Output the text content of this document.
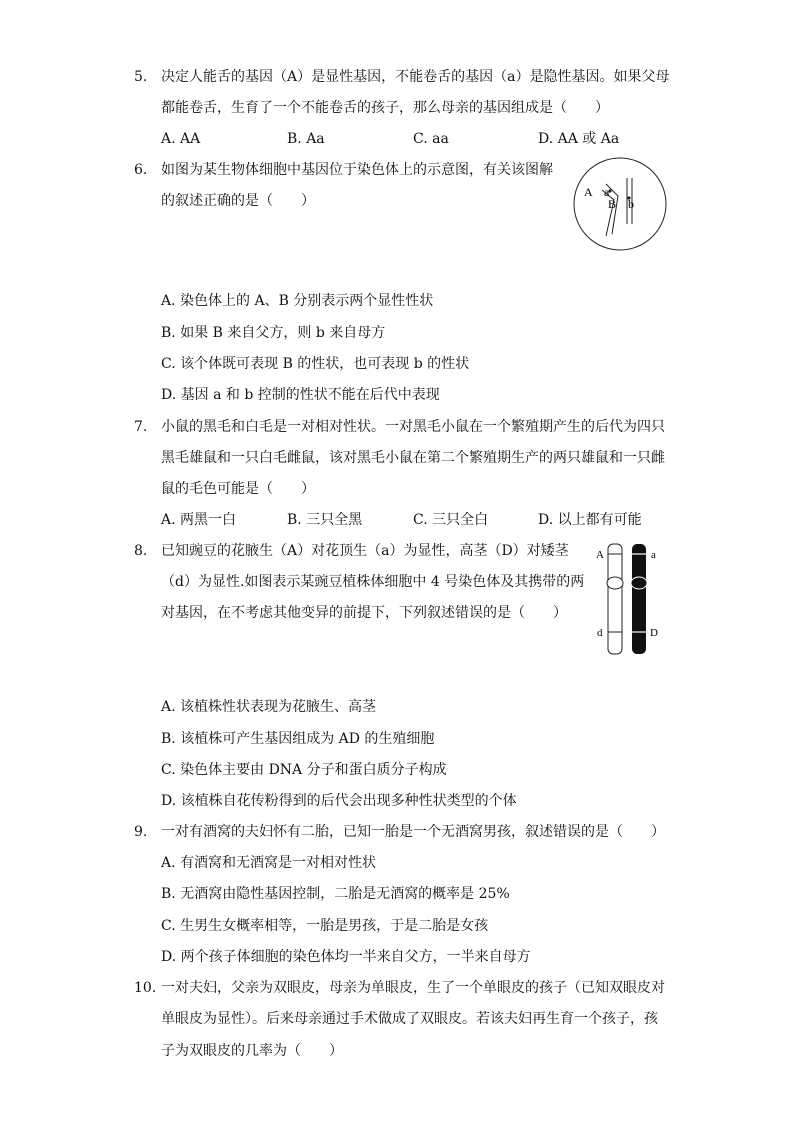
5. 决定人能舌的基因（A）是显性基因，不能卷舌的基因（a）是隐性基因。如果父母
都能卷舌，生育了一个不能卷舌的孩子，那么母亲的基因组成是（　　）
A. AA	B. Aa	C. aa	D. AA 或 Aa
6. 如图为某生物体细胞中基因位于染色体上的示意图，有关该图解
的叙述正确的是（　　）
A a
B b
A. 染色体上的 A、B 分别表示两个显性性状
B. 如果 B 来自父方，则 b 来自母方
C. 该个体既可表现 B 的性状，也可表现 b 的性状
D. 基因 a 和 b 控制的性状不能在后代中表现
7. 小鼠的黑毛和白毛是一对相对性状。一对黑毛小鼠在一个繁殖期产生的后代为四只
黑毛雄鼠和一只白毛雌鼠，该对黑毛小鼠在第二个繁殖期生产的两只雄鼠和一只雌
鼠的毛色可能是（　　）
A. 两黑一白	B. 三只全黑	C. 三只全白	D. 以上都有可能
8. 已知豌豆的花腋生（A）对花顶生（a）为显性，高茎（D）对矮茎
（d）为显性.如图表示某豌豆植株体细胞中 4 号染色体及其携带的两
对基因，在不考虑其他变异的前提下，下列叙述错误的是（　　）
A	a
d	D
A. 该植株性状表现为花腋生、高茎
B. 该植株可产生基因组成为 AD 的生殖细胞
C. 染色体主要由 DNA 分子和蛋白质分子构成
D. 该植株自花传粉得到的后代会出现多种性状类型的个体
9. 一对有酒窝的夫妇怀有二胎，已知一胎是一个无酒窝男孩，叙述错误的是（　　）
A. 有酒窝和无酒窝是一对相对性状
B. 无酒窝由隐性基因控制，二胎是无酒窝的概率是 25%
C. 生男生女概率相等，一胎是男孩，于是二胎是女孩
D. 两个孩子体细胞的染色体均一半来自父方，一半来自母方
10. 一对夫妇，父亲为双眼皮，母亲为单眼皮，生了一个单眼皮的孩子（已知双眼皮对
单眼皮为显性）。后来母亲通过手术做成了双眼皮。若该夫妇再生育一个孩子，孩
子为双眼皮的几率为（　　）
